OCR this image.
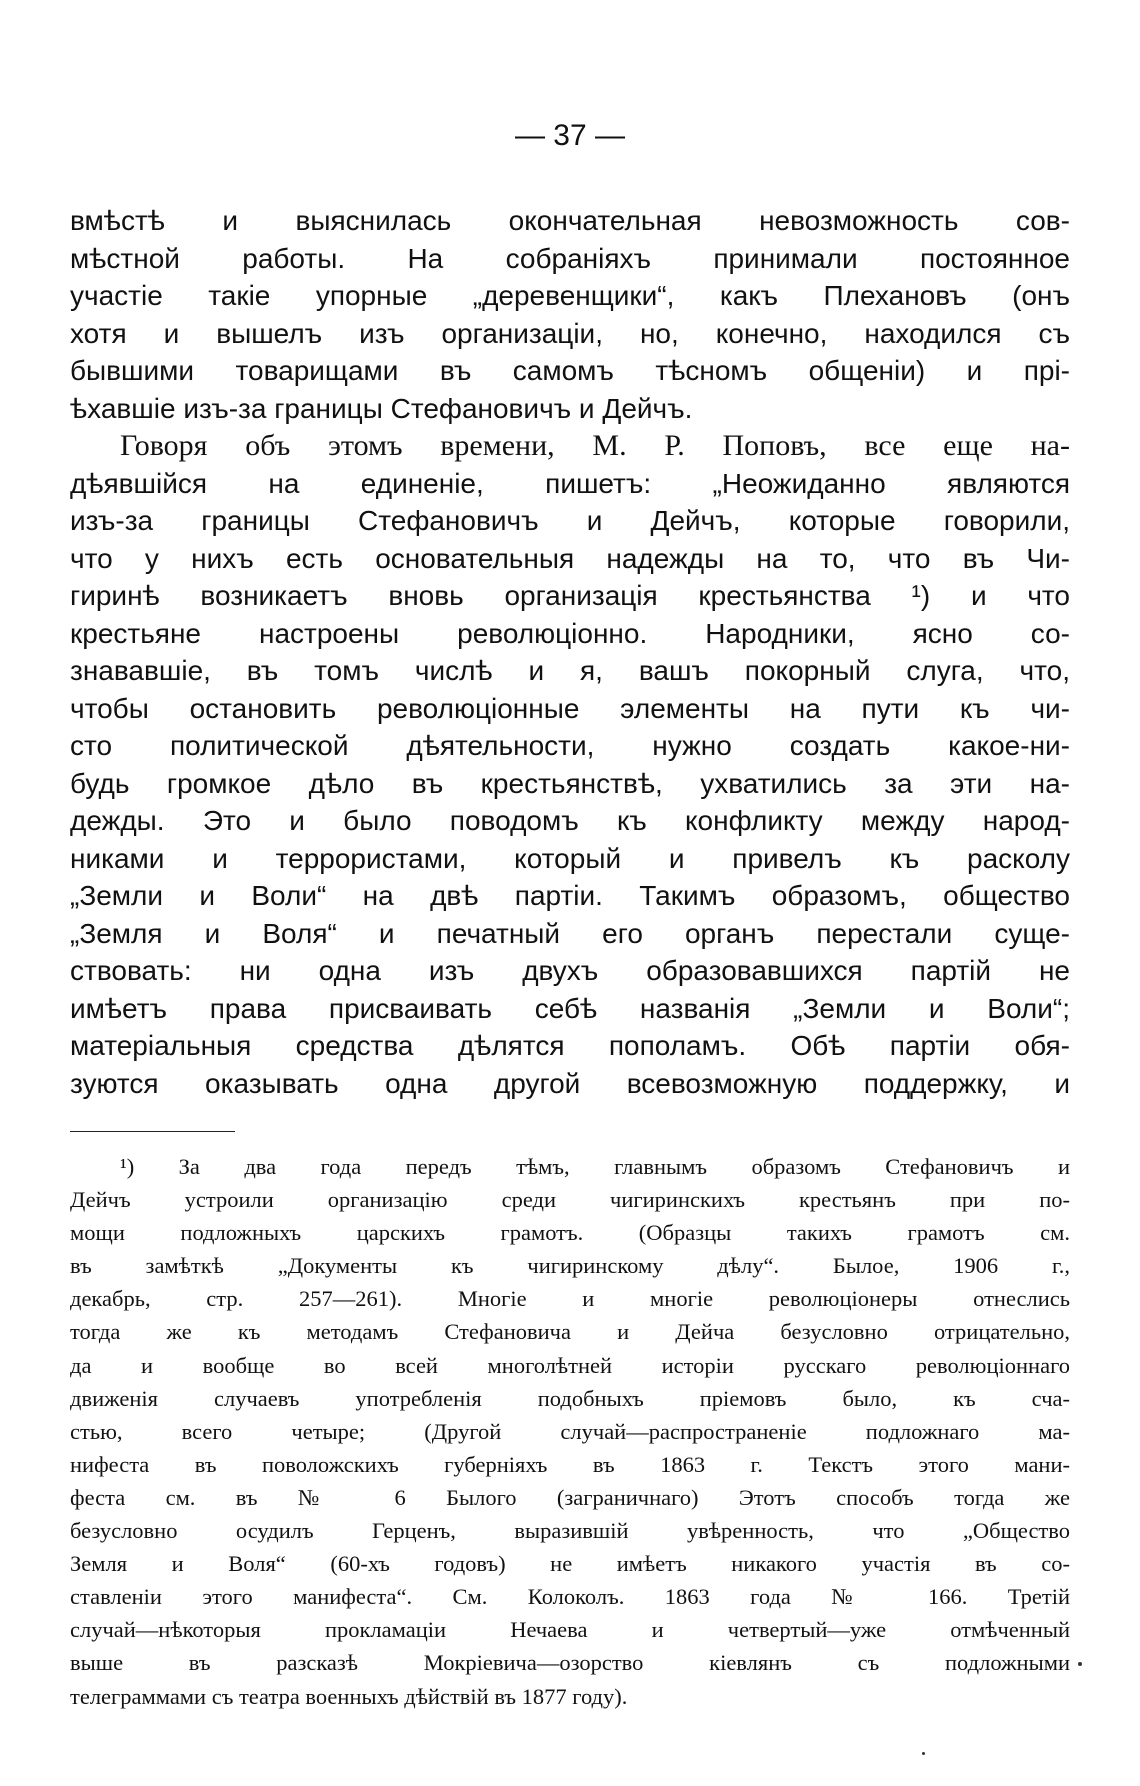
— 37 —
вмѣстѣ и выяснилась окончательная невозможность сов-
мѣстной работы. На собраніяхъ принимали постоянное
участіе такіе упорные „деревенщики“, какъ Плехановъ (онъ
хотя и вышелъ изъ организаціи, но, конечно, находился съ
бывшими товарищами въ самомъ тѣсномъ общеніи) и прі-
ѣхавшіе изъ-за границы Стефановичъ и Дейчъ.
Говоря объ этомъ времени, М. Р. Поповъ, все еще на-
дѣявшійся на единеніе, пишетъ: „Неожиданно являются
изъ-за границы Стефановичъ и Дейчъ, которые говорили,
что у нихъ есть основательныя надежды на то, что въ Чи-
гиринѣ возникаетъ вновь организація крестьянства ¹) и что
крестьяне настроены революціонно. Народники, ясно со-
знававшіе, въ томъ числѣ и я, вашъ покорный слуга, что,
чтобы остановить революціонные элементы на пути къ чи-
сто политической дѣятельности, нужно создать какое-ни-
будь громкое дѣло въ крестьянствѣ, ухватились за эти на-
дежды. Это и было поводомъ къ конфликту между народ-
никами и террористами, который и привелъ къ расколу
„Земли и Воли“ на двѣ партіи. Такимъ образомъ, общество
„Земля и Воля“ и печатный его органъ перестали суще-
ствовать: ни одна изъ двухъ образовавшихся партій не
имѣетъ права присваивать себѣ названія „Земли и Воли“;
матеріальныя средства дѣлятся пополамъ. Обѣ партіи обя-
зуются оказывать одна другой всевозможную поддержку, и
¹) За два года передъ тѣмъ, главнымъ образомъ Стефановичъ и
Дейчъ устроили организацію среди чигиринскихъ крестьянъ при по-
мощи подложныхъ царскихъ грамотъ. (Образцы такихъ грамотъ см.
въ замѣткѣ „Документы къ чигиринскому дѣлу“. Былое, 1906 г.,
декабрь, стр. 257—261). Многіе и многіе революціонеры отнеслись
тогда же къ методамъ Стефановича и Дейча безусловно отрицательно,
да и вообще во всей многолѣтней исторіи русскаго революціоннаго
движенія случаевъ употребленія подобныхъ пріемовъ было, къ сча-
стью, всего четыре; (Другой случай—распространеніе подложнаго ма-
нифеста въ поволожскихъ губерніяхъ въ 1863 г. Текстъ этого мани-
феста см. въ № 6 Былого (заграничнаго) Этотъ способъ тогда же
безусловно осудилъ Герценъ, выразившій увѣренность, что „Общество
Земля и Воля“ (60-хъ годовъ) не имѣетъ никакого участія въ со-
ставленіи этого манифеста“. См. Колоколъ. 1863 года № 166. Третій
случай—нѣкоторыя прокламаціи Нечаева и четвертый—уже отмѣченный
выше въ разсказѣ Мокріевича—озорство кіевлянъ съ подложными
телеграммами съ театра военныхъ дѣйствій въ 1877 году).
